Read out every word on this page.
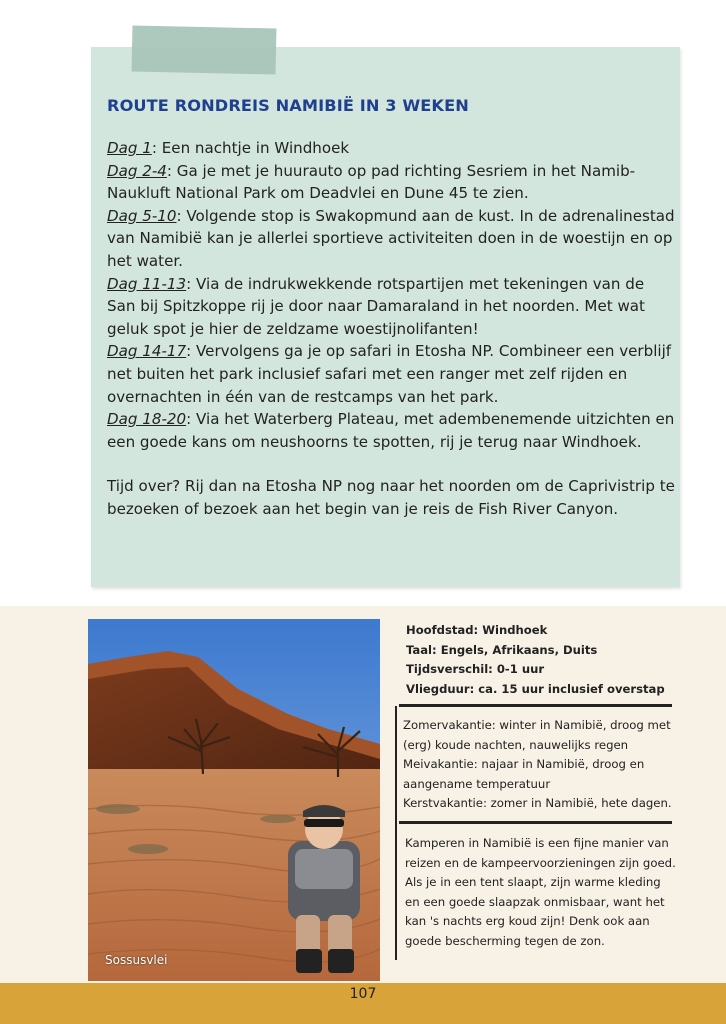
ROUTE RONDREIS NAMIBIË IN 3 WEKEN

Dag 1: Een nachtje in Windhoek

Dag 2-4: Ga je met je huurauto op pad richting Sesriem in het Namib-Naukluft National Park om Deadvlei en Dune 45 te zien.

Dag 5-10: Volgende stop is Swakopmund aan de kust. In de adrenalinestad van Namibië kan je allerlei sportieve activiteiten doen in de woestijn en op het water.

Dag 11-13: Via de indrukwekkende rotspartijen met tekeningen van de San bij Spitzkoppe rij je door naar Damaraland in het noorden. Met wat geluk spot je hier de zeldzame woestijnolifanten!

Dag 14-17: Vervolgens ga je op safari in Etosha NP. Combineer een verblijf net buiten het park inclusief safari met een ranger met zelf rijden en overnachten in één van de restcamps van het park.

Dag 18-20: Via het Waterberg Plateau, met adembenemende uitzichten en een goede kans om neushoorns te spotten, rij je terug naar Windhoek.

Tijd over? Rij dan na Etosha NP nog naar het noorden om de Caprivistrip te bezoeken of bezoek aan het begin van je reis de Fish River Canyon.

Sossusvlei
Hoofdstad: Windhoek
Taal: Engels, Afrikaans, Duits
Tijdsverschil: 0-1 uur
Vliegduur: ca. 15 uur inclusief overstap

Zomervakantie: winter in Namibië, droog met (erg) koude nachten, nauwelijks regen

Meivakantie: najaar in Namibië, droog en aangename temperatuur

Kerstvakantie: zomer in Namibië, hete dagen.

Kamperen in Namibië is een fijne manier van reizen en de kampeervoorzieningen zijn goed. Als je in een tent slaapt, zijn warme kleding en een goede slaapzak onmisbaar, want het kan 's nachts erg koud zijn! Denk ook aan goede bescherming tegen de zon.

107
